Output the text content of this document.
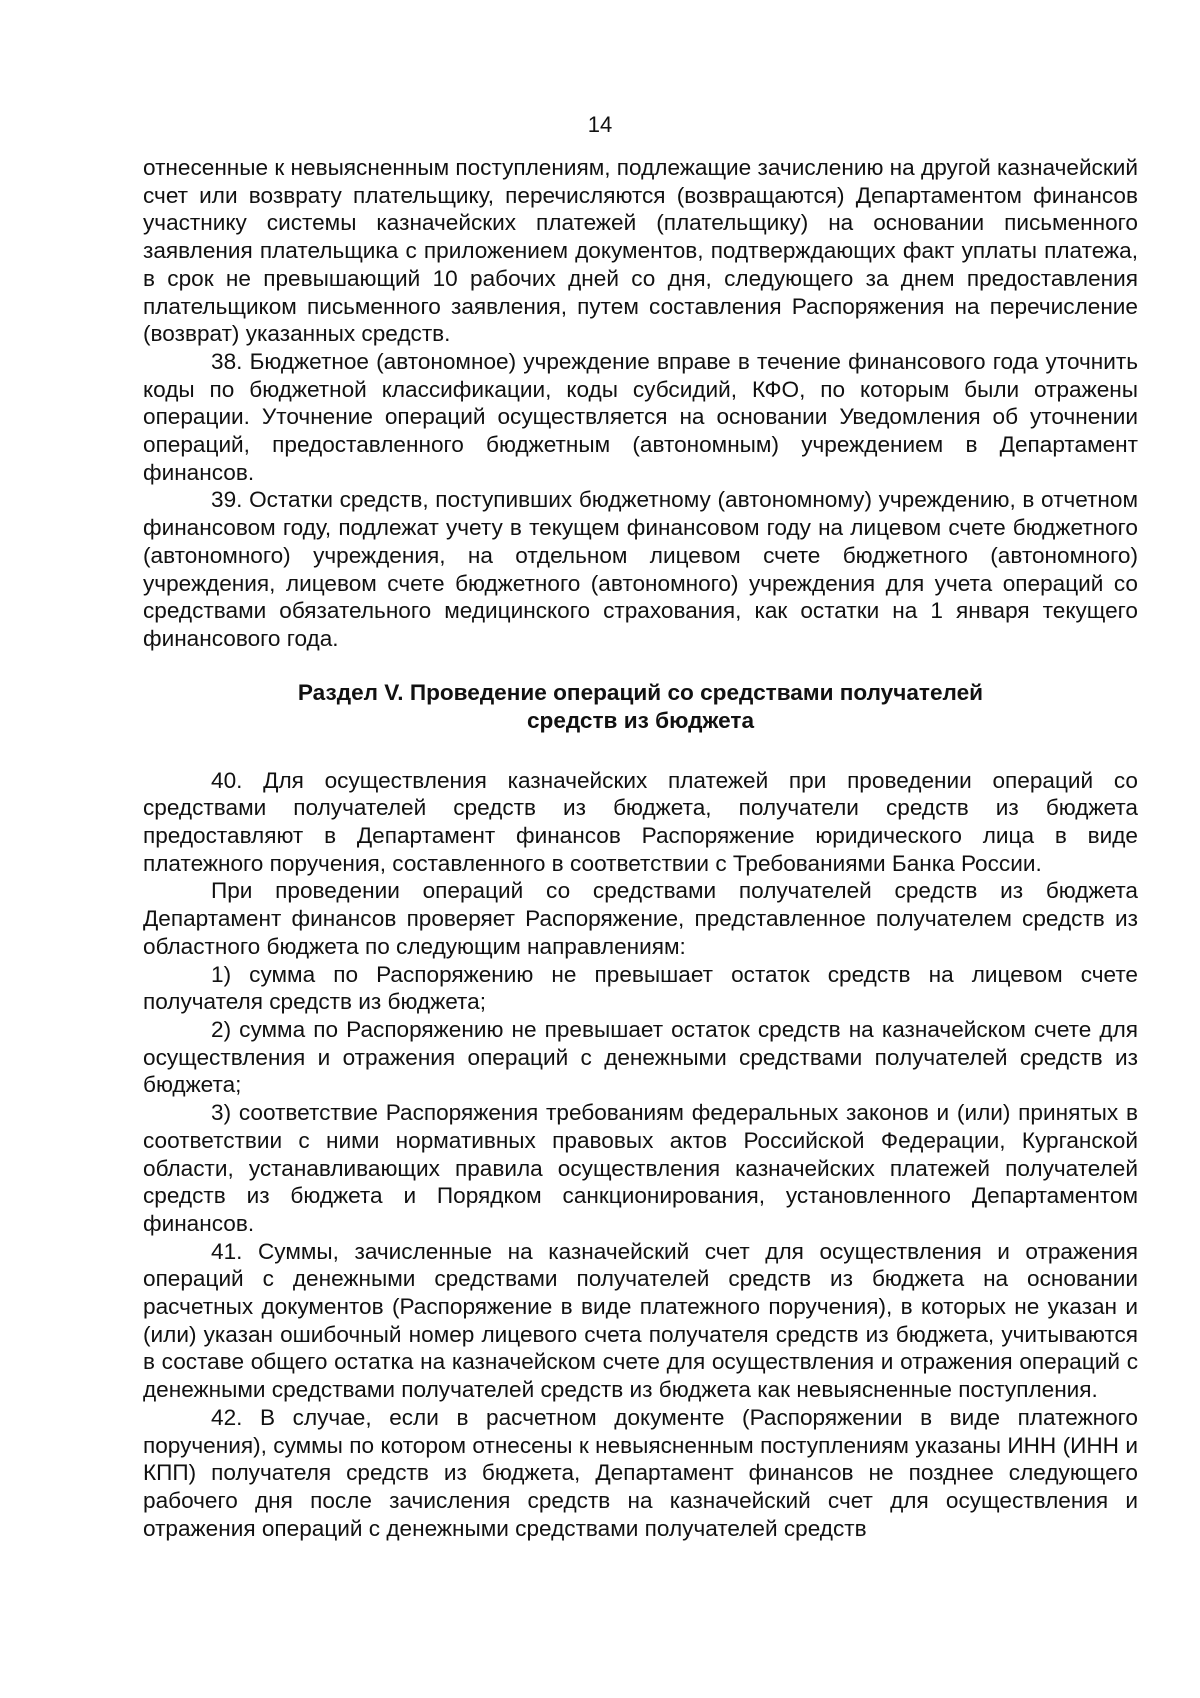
14

отнесенные к невыясненным поступлениям, подлежащие зачислению на другой казначейский счет или возврату плательщику, перечисляются (возвращаются) Департаментом финансов участнику системы казначейских платежей (плательщику) на основании письменного заявления плательщика с приложением документов, подтверждающих факт уплаты платежа, в срок не превышающий 10 рабочих дней со дня, следующего за днем предоставления плательщиком письменного заявления, путем составления Распоряжения на перечисление (возврат) указанных средств.

38. Бюджетное (автономное) учреждение вправе в течение финансового года уточнить коды по бюджетной классификации, коды субсидий, КФО, по которым были отражены операции. Уточнение операций осуществляется на основании Уведомления об уточнении операций, предоставленного бюджетным (автономным) учреждением в Департамент финансов.

39. Остатки средств, поступивших бюджетному (автономному) учреждению, в отчетном финансовом году, подлежат учету в текущем финансовом году на лицевом счете бюджетного (автономного) учреждения, на отдельном лицевом счете бюджетного (автономного) учреждения, лицевом счете бюджетного (автономного) учреждения для учета операций со средствами обязательного медицинского страхования, как остатки на 1 января текущего финансового года.

Раздел V. Проведение операций со средствами получателей
средств из бюджета

40. Для осуществления казначейских платежей при проведении операций со средствами получателей средств из бюджета, получатели средств из бюджета предоставляют в Департамент финансов Распоряжение юридического лица в виде платежного поручения, составленного в соответствии с Требованиями Банка России.

При проведении операций со средствами получателей средств из бюджета Департамент финансов проверяет Распоряжение, представленное получателем средств из областного бюджета по следующим направлениям:

1) сумма по Распоряжению не превышает остаток средств на лицевом счете получателя средств из бюджета;

2) сумма по Распоряжению не превышает остаток средств на казначейском счете для осуществления и отражения операций с денежными средствами получателей средств из бюджета;

3) соответствие Распоряжения требованиям федеральных законов и (или) принятых в соответствии с ними нормативных правовых актов Российской Федерации, Курганской области, устанавливающих правила осуществления казначейских платежей получателей средств из бюджета и Порядком санкционирования, установленного Департаментом финансов.

41. Суммы, зачисленные на казначейский счет для осуществления и отражения операций с денежными средствами получателей средств из бюджета на основании расчетных документов (Распоряжение в виде платежного поручения), в которых не указан и (или) указан ошибочный номер лицевого счета получателя средств из бюджета, учитываются в составе общего остатка на казначейском счете для осуществления и отражения операций с денежными средствами получателей средств из бюджета как невыясненные поступления.

42. В случае, если в расчетном документе (Распоряжении в виде платежного поручения), суммы по котором отнесены к невыясненным поступлениям указаны ИНН (ИНН и КПП) получателя средств из бюджета, Департамент финансов не позднее следующего рабочего дня после зачисления средств на казначейский счет для осуществления и отражения операций с денежными средствами получателей средств
